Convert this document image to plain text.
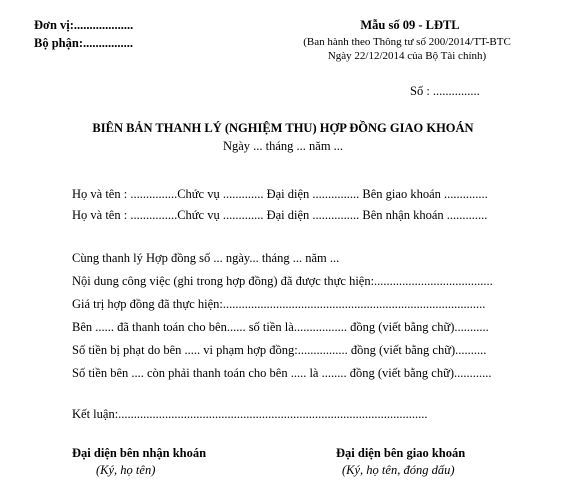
Đơn vị:...................
Bộ phận:................
Mẫu số 09 - LĐTL
(Ban hành theo Thông tư số 200/2014/TT-BTC
Ngày 22/12/2014 của Bộ Tài chính)
Số : ...............
BIÊN BẢN THANH LÝ (NGHIỆM THU) HỢP ĐỒNG GIAO KHOÁN
Ngày ... tháng ... năm ...
Họ và tên : ...............Chức vụ ............. Đại diện ............... Bên giao khoán ..............
Họ và tên : ...............Chức vụ ............. Đại diện ............... Bên nhận khoán .............
Cùng thanh lý Hợp đồng số ... ngày... tháng ... năm ...
Nội dung công việc (ghi trong hợp đồng) đã được thực hiện:......................................
Giá trị hợp đồng đã thực hiện:....................................................................................
Bên ...... đã thanh toán cho bên...... số tiền là................. đồng (viết bằng chữ)...........
Số tiền bị phạt do bên ..... vi phạm hợp đồng:................ đồng (viết bằng chữ)..........
Số tiền bên .... còn phải thanh toán cho bên ..... là ........ đồng (viết bằng chữ)............
Kết luận:...................................................................................................
Đại diện bên nhận khoán
(Ký, họ tên)
Đại diện bên giao khoán
(Ký, họ tên, đóng dấu)
